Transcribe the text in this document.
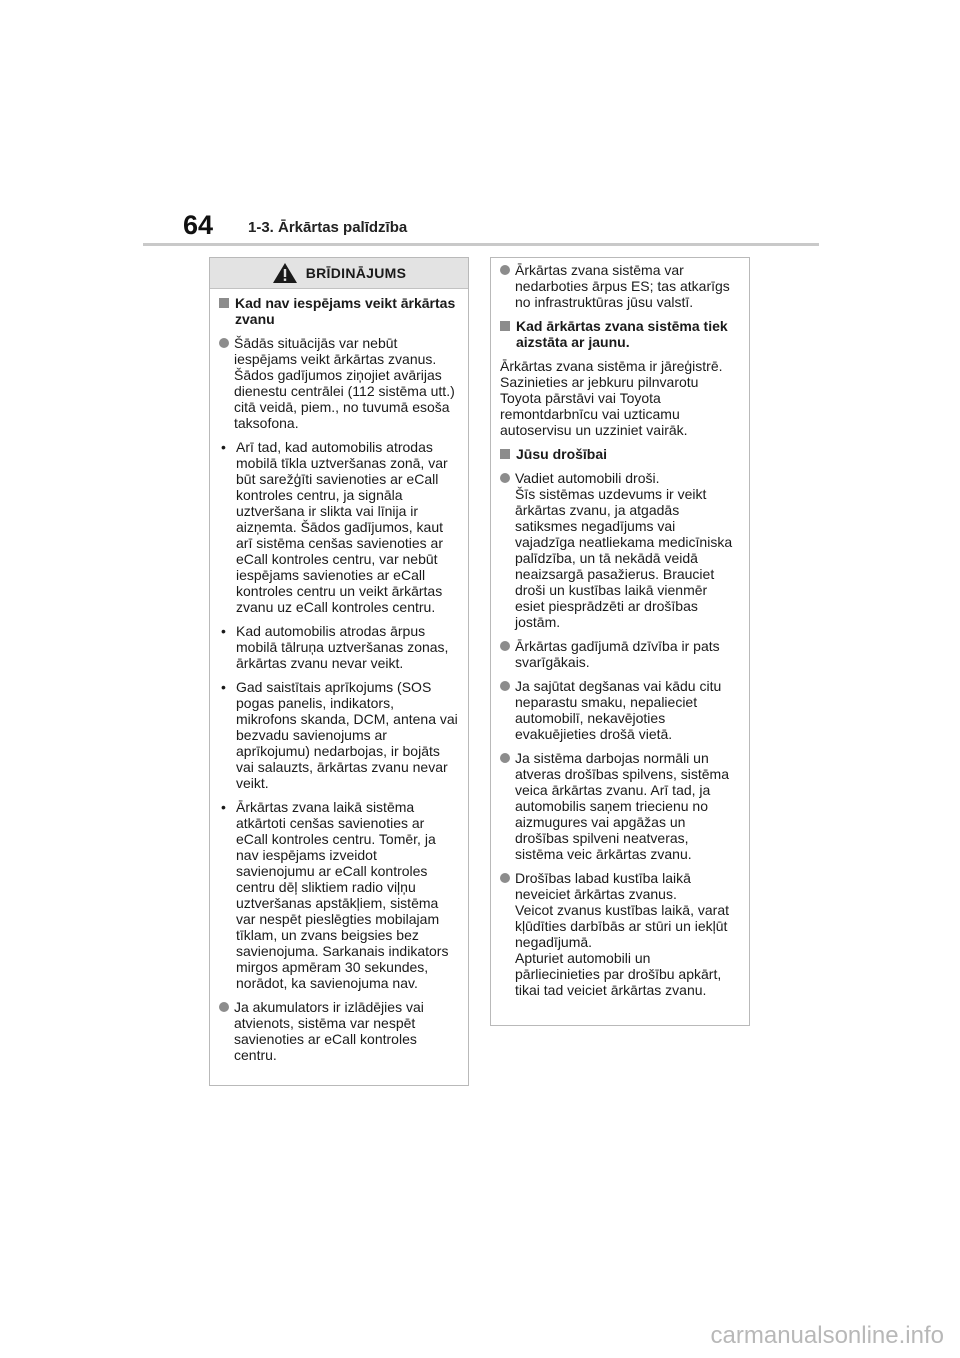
64 1-3. Ārkārtas palīdzība
BRĪDINĀJUMS
Kad nav iespējams veikt ārkārtas
zvanu
Šādās situācijās var nebūt
iespējams veikt ārkārtas zvanus.
Šādos gadījumos ziņojiet avārijas
dienestu centrālei (112 sistēma utt.)
citā veidā, piem., no tuvumā esoša
taksofona.
• Arī tad, kad automobilis atrodas
mobilā tīkla uztveršanas zonā, var
būt sarežģīti savienoties ar eCall
kontroles centru, ja signāla
uztveršana ir slikta vai līnija ir
aizņemta. Šādos gadījumos, kaut
arī sistēma cenšas savienoties ar
eCall kontroles centru, var nebūt
iespējams savienoties ar eCall
kontroles centru un veikt ārkārtas
zvanu uz eCall kontroles centru.
• Kad automobilis atrodas ārpus
mobilā tālruņa uztveršanas zonas,
ārkārtas zvanu nevar veikt.
• Gad saistītais aprīkojums (SOS
pogas panelis, indikators,
mikrofons skanda, DCM, antena vai
bezvadu savienojums ar
aprīkojumu) nedarbojas, ir bojāts
vai salauzts, ārkārtas zvanu nevar
veikt.
• Ārkārtas zvana laikā sistēma
atkārtoti cenšas savienoties ar
eCall kontroles centru. Tomēr, ja
nav iespējams izveidot
savienojumu ar eCall kontroles
centru dēļ sliktiem radio viļņu
uztveršanas apstākļiem, sistēma
var nespēt pieslēgties mobilajam
tīklam, un zvans beigsies bez
savienojuma. Sarkanais indikators
mirgos apmēram 30 sekundes,
norādot, ka savienojuma nav.
Ja akumulators ir izlādējies vai
atvienots, sistēma var nespēt
savienoties ar eCall kontroles
centru.
Ārkārtas zvana sistēma var
nedarboties ārpus ES; tas atkarīgs
no infrastruktūras jūsu valstī.
Kad ārkārtas zvana sistēma tiek
aizstāta ar jaunu.
Ārkārtas zvana sistēma ir jāreģistrē.
Sazinieties ar jebkuru pilnvarotu
Toyota pārstāvi vai Toyota
remontdarbnīcu vai uzticamu
autoservisu un uzziniet vairāk.
Jūsu drošībai
Vadiet automobili droši.
Šīs sistēmas uzdevums ir veikt
ārkārtas zvanu, ja atgadās
satiksmes negadījums vai
vajadzīga neatliekama medicīniska
palīdzība, un tā nekādā veidā
neaizsargā pasažierus. Brauciet
droši un kustības laikā vienmēr
esiet piesprādzēti ar drošības
jostām.
Ārkārtas gadījumā dzīvība ir pats
svarīgākais.
Ja sajūtat degšanas vai kādu citu
neparastu smaku, nepalieciet
automobilī, nekavējoties
evakuējieties drošā vietā.
Ja sistēma darbojas normāli un
atveras drošības spilvens, sistēma
veica ārkārtas zvanu. Arī tad, ja
automobilis saņem triecienu no
aizmugures vai apgāžas un
drošības spilveni neatveras,
sistēma veic ārkārtas zvanu.
Drošības labad kustība laikā
neveiciet ārkārtas zvanus.
Veicot zvanus kustības laikā, varat
kļūdīties darbībās ar stūri un iekļūt
negadījumā.
Apturiet automobili un
pārliecinieties par drošību apkārt,
tikai tad veiciet ārkārtas zvanu.
carmanualsonline.info
